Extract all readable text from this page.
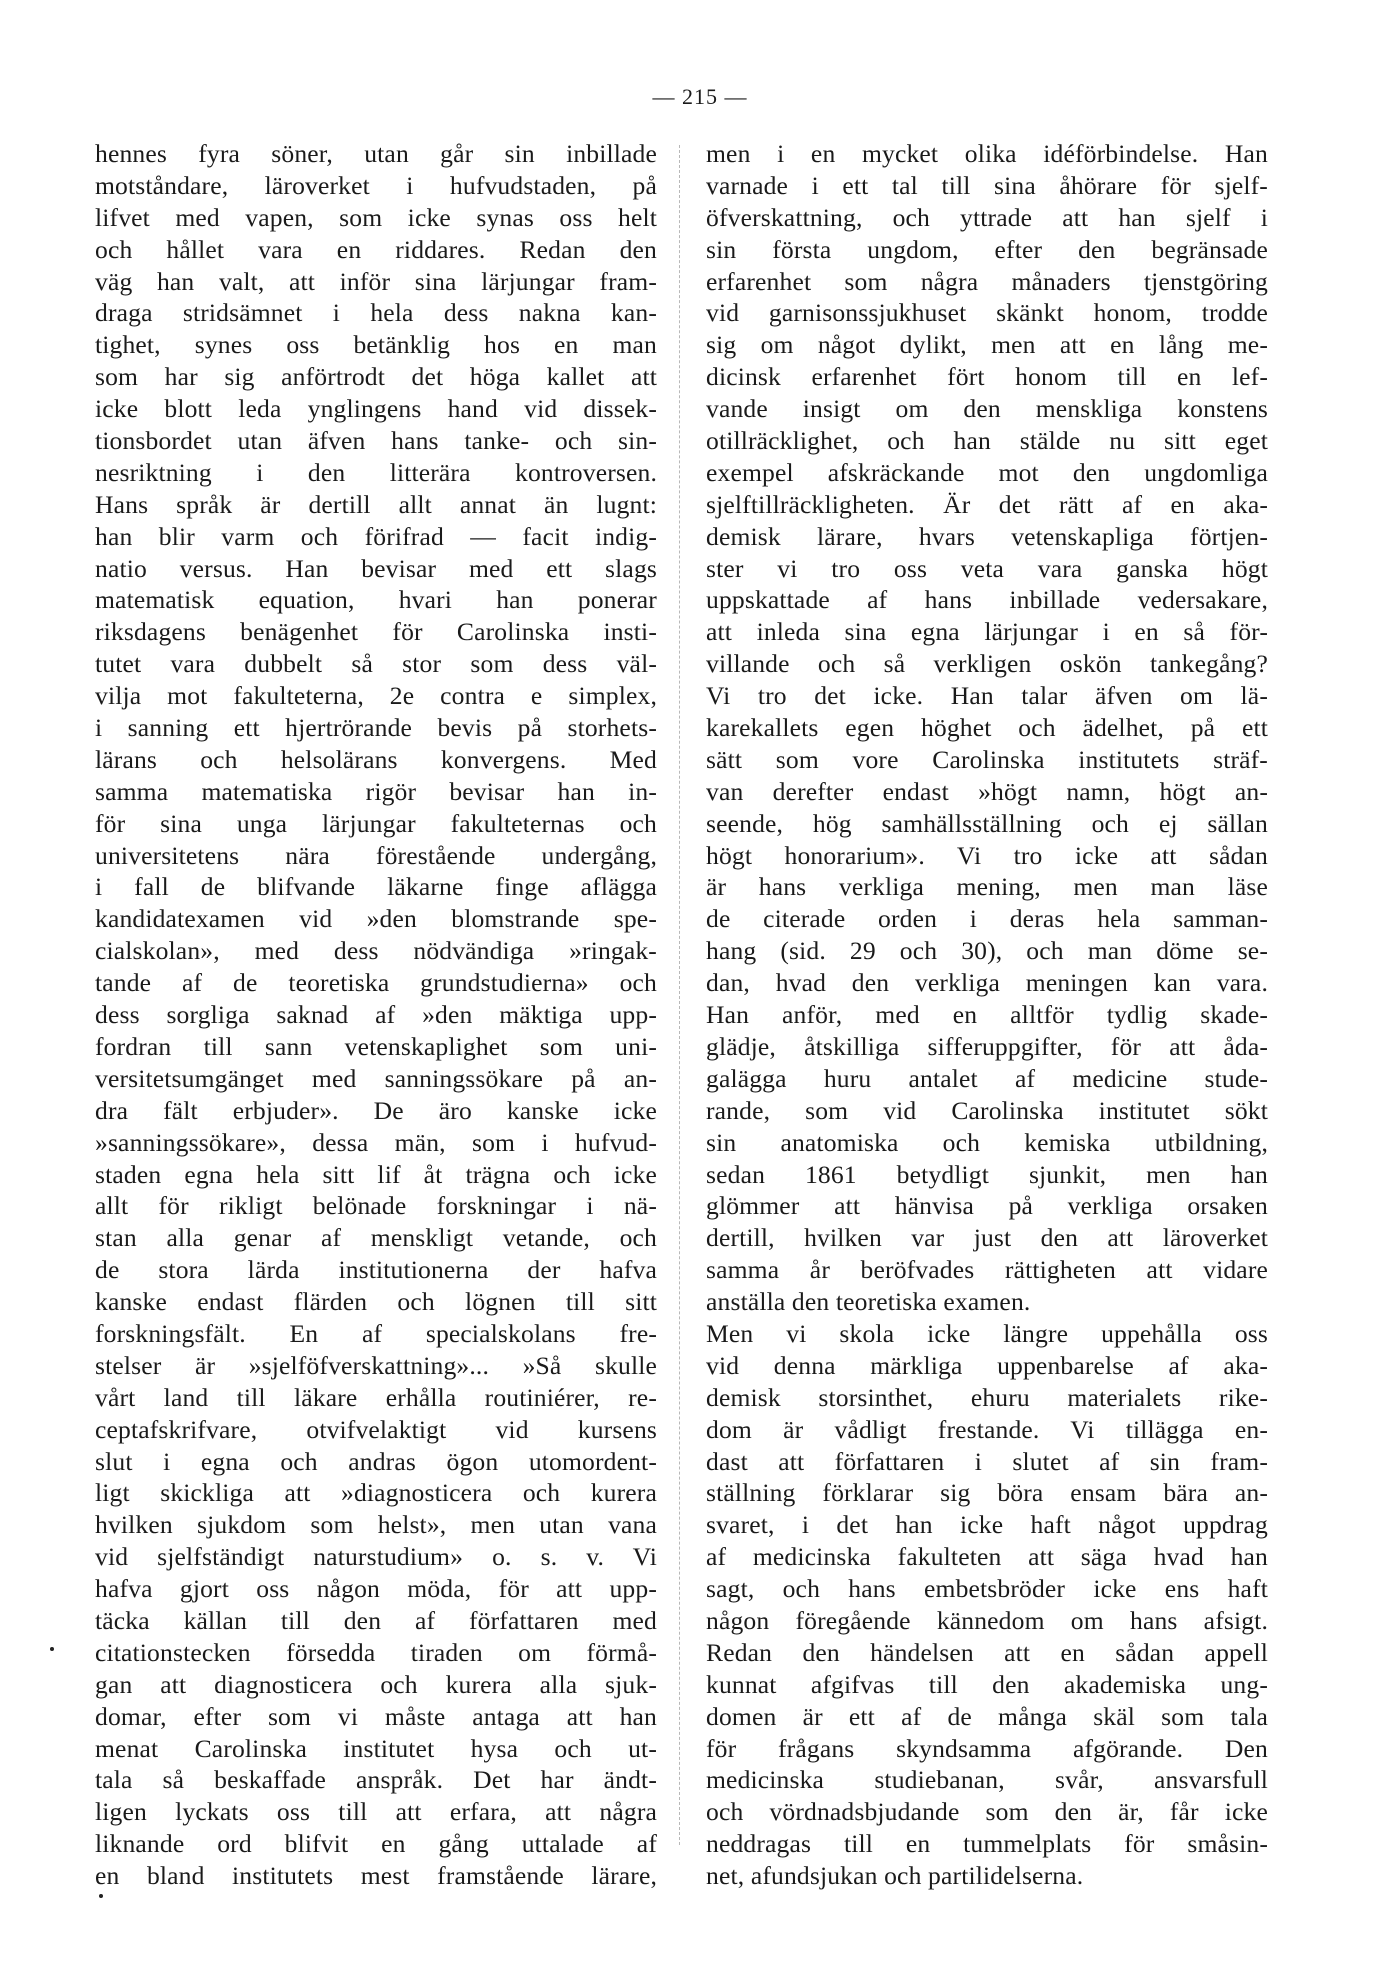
— 215 —
hennes fyra söner, utan går sin inbillade
motståndare, läroverket i hufvudstaden, på
lifvet med vapen, som icke synas oss helt
och hållet vara en riddares. Redan den
väg han valt, att inför sina lärjungar fram-
draga stridsämnet i hela dess nakna kan-
tighet, synes oss betänklig hos en man
som har sig anförtrodt det höga kallet att
icke blott leda ynglingens hand vid dissek-
tionsbordet utan äfven hans tanke- och sin-
nesriktning i den litterära kontroversen.
Hans språk är dertill allt annat än lugnt:
han blir varm och förifrad — facit indig-
natio versus. Han bevisar med ett slags
matematisk equation, hvari han ponerar
riksdagens benägenhet för Carolinska insti-
tutet vara dubbelt så stor som dess väl-
vilja mot fakulteterna, 2e contra e simplex,
i sanning ett hjertrörande bevis på storhets-
lärans och helsolärans konvergens. Med
samma matematiska rigör bevisar han in-
för sina unga lärjungar fakulteternas och
universitetens nära förestående undergång,
i fall de blifvande läkarne finge aflägga
kandidatexamen vid »den blomstrande spe-
cialskolan», med dess nödvändiga »ringak-
tande af de teoretiska grundstudierna» och
dess sorgliga saknad af »den mäktiga upp-
fordran till sann vetenskaplighet som uni-
versitetsumgänget med sanningssökare på an-
dra fält erbjuder». De äro kanske icke
»sanningssökare», dessa män, som i hufvud-
staden egna hela sitt lif åt trägna och icke
allt för rikligt belönade forskningar i nä-
stan alla genar af menskligt vetande, och
de stora lärda institutionerna der hafva
kanske endast flärden och lögnen till sitt
forskningsfält. En af specialskolans fre-
stelser är »sjelföfverskattning»... »Så skulle
vårt land till läkare erhålla routiniérer, re-
ceptafskrifvare, otvifvelaktigt vid kursens
slut i egna och andras ögon utomordent-
ligt skickliga att »diagnosticera och kurera
hvilken sjukdom som helst», men utan vana
vid sjelfständigt naturstudium» o. s. v. Vi
hafva gjort oss någon möda, för att upp-
täcka källan till den af författaren med
citationstecken försedda tiraden om förmå-
gan att diagnosticera och kurera alla sjuk-
domar, efter som vi måste antaga att han
menat Carolinska institutet hysa och ut-
tala så beskaffade anspråk. Det har ändt-
ligen lyckats oss till att erfara, att några
liknande ord blifvit en gång uttalade af
en bland institutets mest framstående lärare,
men i en mycket olika idéförbindelse. Han
varnade i ett tal till sina åhörare för sjelf-
öfverskattning, och yttrade att han sjelf i
sin första ungdom, efter den begränsade
erfarenhet som några månaders tjenstgöring
vid garnisonssjukhuset skänkt honom, trodde
sig om något dylikt, men att en lång me-
dicinsk erfarenhet fört honom till en lef-
vande insigt om den menskliga konstens
otillräcklighet, och han stälde nu sitt eget
exempel afskräckande mot den ungdomliga
sjelftillräckligheten. Är det rätt af en aka-
demisk lärare, hvars vetenskapliga förtjen-
ster vi tro oss veta vara ganska högt
uppskattade af hans inbillade vedersakare,
att inleda sina egna lärjungar i en så för-
villande och så verkligen oskön tankegång?
Vi tro det icke. Han talar äfven om lä-
karekallets egen höghet och ädelhet, på ett
sätt som vore Carolinska institutets sträf-
van derefter endast »högt namn, högt an-
seende, hög samhällsställning och ej sällan
högt honorarium». Vi tro icke att sådan
är hans verkliga mening, men man läse
de citerade orden i deras hela samman-
hang (sid. 29 och 30), och man döme se-
dan, hvad den verkliga meningen kan vara.
Han anför, med en alltför tydlig skade-
glädje, åtskilliga sifferuppgifter, för att åda-
galägga huru antalet af medicine stude-
rande, som vid Carolinska institutet sökt
sin anatomiska och kemiska utbildning,
sedan 1861 betydligt sjunkit, men han
glömmer att hänvisa på verkliga orsaken
dertill, hvilken var just den att läroverket
samma år beröfvades rättigheten att vidare
anställa den teoretiska examen.
Men vi skola icke längre uppehålla oss
vid denna märkliga uppenbarelse af aka-
demisk storsinthet, ehuru materialets rike-
dom är vådligt frestande. Vi tillägga en-
dast att författaren i slutet af sin fram-
ställning förklarar sig böra ensam bära an-
svaret, i det han icke haft något uppdrag
af medicinska fakulteten att säga hvad han
sagt, och hans embetsbröder icke ens haft
någon föregående kännedom om hans afsigt.
Redan den händelsen att en sådan appell
kunnat afgifvas till den akademiska ung-
domen är ett af de många skäl som tala
för frågans skyndsamma afgörande. Den
medicinska studiebanan, svår, ansvarsfull
och vördnadsbjudande som den är, får icke
neddragas till en tummelplats för småsin-
net, afundsjukan och partilidelserna.
